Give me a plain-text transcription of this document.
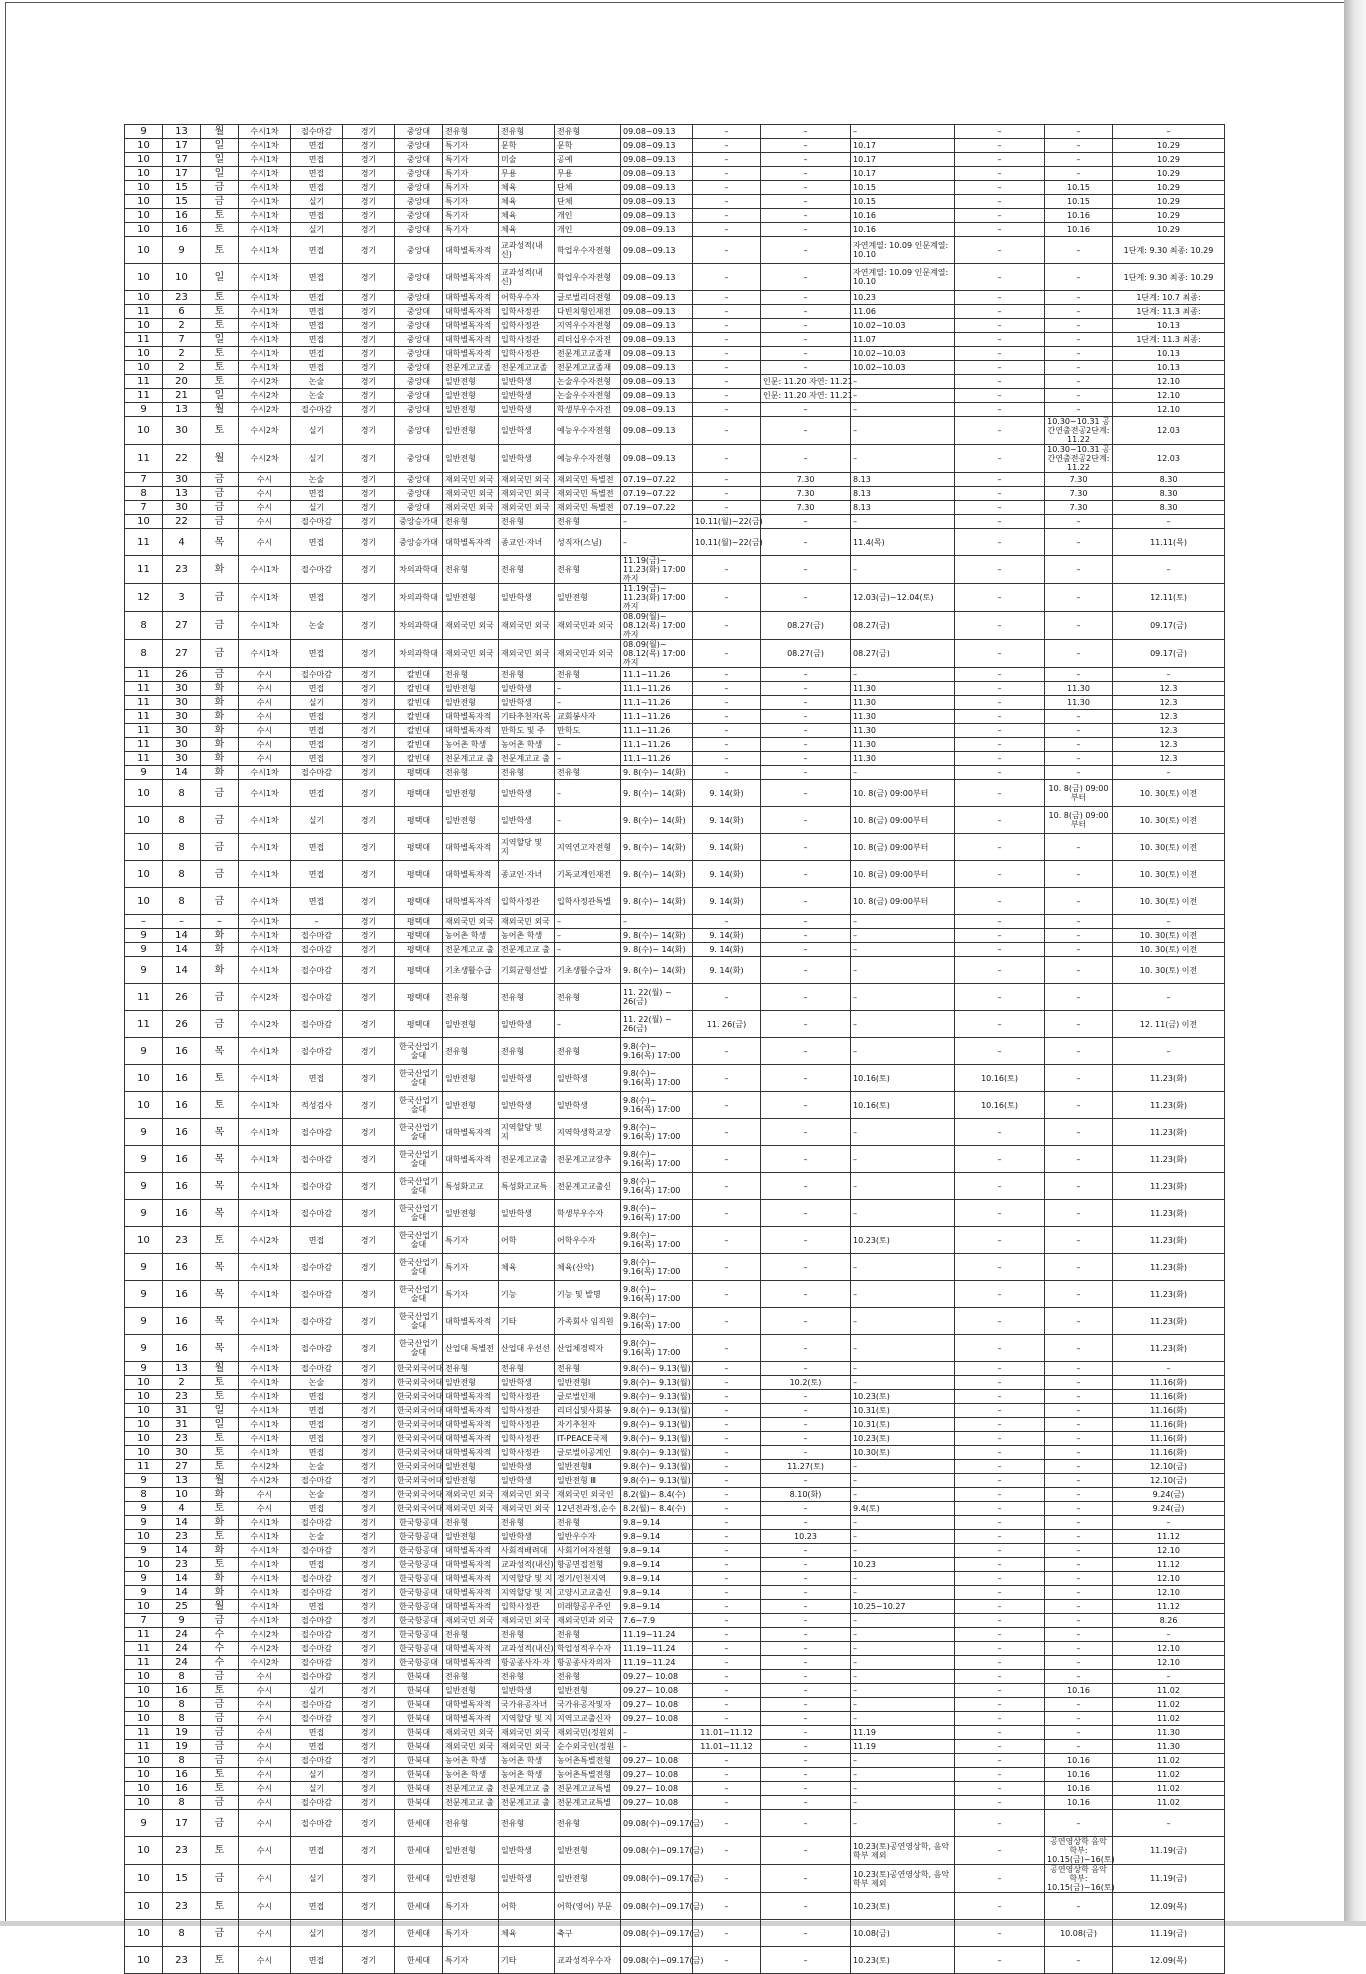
9	13	월	수시1차	접수마감	경기	중앙대	전유형	전유형	전유형	09.08~09.13	–	–	–	–	–	–
10	17	일	수시1차	면접	경기	중앙대	특기자	문학	문학	09.08~09.13	–	–	10.17	–	–	10.29
10	17	일	수시1차	면접	경기	중앙대	특기자	미술	공예	09.08~09.13	–	–	10.17	–	–	10.29
10	17	일	수시1차	면접	경기	중앙대	특기자	무용	무용	09.08~09.13	–	–	10.17	–	–	10.29
10	15	금	수시1차	면접	경기	중앙대	특기자	체육	단체	09.08~09.13	–	–	10.15	–	10.15	10.29
10	15	금	수시1차	실기	경기	중앙대	특기자	체육	단체	09.08~09.13	–	–	10.15	–	10.15	10.29
10	16	토	수시1차	면접	경기	중앙대	특기자	체육	개인	09.08~09.13	–	–	10.16	–	10.16	10.29
10	16	토	수시1차	실기	경기	중앙대	특기자	체육	개인	09.08~09.13	–	–	10.16	–	10.16	10.29
10	9	토	수시1차	면접	경기	중앙대	대학별독자적	교과성적(내신)	학업우수자전형	09.08~09.13	–	–	자연계열: 10.09 인문계열: 10.10	–	–	1단계: 9.30 최종: 10.29
10	10	일	수시1차	면접	경기	중앙대	대학별독자적	교과성적(내신)	학업우수자전형	09.08~09.13	–	–	자연계열: 10.09 인문계열: 10.10	–	–	1단계: 9.30 최종: 10.29
10	23	토	수시1차	면접	경기	중앙대	대학별독자적	어학우수자	글로벌리더전형	09.08~09.13	–	–	10.23	–	–	1단계: 10.7 최종:
11	6	토	수시1차	면접	경기	중앙대	대학별독자적	입학사정관	다빈치형인재전	09.08~09.13	–	–	11.06	–	–	1단계: 11.3 최종:
10	2	토	수시1차	면접	경기	중앙대	대학별독자적	입학사정관	지역우수자전형	09.08~09.13	–	–	10.02~10.03	–	–	10.13
11	7	일	수시1차	면접	경기	중앙대	대학별독자적	입학사정관	리더십우수자전	09.08~09.13	–	–	11.07	–	–	1단계: 11.3 최종:
10	2	토	수시1차	면접	경기	중앙대	대학별독자적	입학사정관	전문계고교졸재	09.08~09.13	–	–	10.02~10.03	–	–	10.13
10	2	토	수시1차	면접	경기	중앙대	전문계고교졸	전문계고교졸	전문계고교졸재	09.08~09.13	–	–	10.02~10.03	–	–	10.13
11	20	토	수시2차	논술	경기	중앙대	일반전형	일반학생	논술우수자전형	09.08~09.13	–	인문: 11.20 자연: 11.21	–	–	–	12.10
11	21	일	수시2차	논술	경기	중앙대	일반전형	일반학생	논술우수자전형	09.08~09.13	–	인문: 11.20 자연: 11.21	–	–	–	12.10
9	13	월	수시2차	접수마감	경기	중앙대	일반전형	일반학생	학생부우수자전	09.08~09.13	–	–	–	–	–	12.10
10	30	토	수시2차	실기	경기	중앙대	일반전형	일반학생	예능우수자전형	09.08~09.13	–	–	–	–	10.30~10.31 공간연출전공2단계: 11.22	12.03
11	22	월	수시2차	실기	경기	중앙대	일반전형	일반학생	예능우수자전형	09.08~09.13	–	–	–	–	10.30~10.31 공간연출전공2단계: 11.22	12.03
7	30	금	수시	논술	경기	중앙대	재외국민 외국	재외국민 외국	재외국민 특별전	07.19~07.22	–	7.30	8.13	–	7.30	8.30
8	13	금	수시	면접	경기	중앙대	재외국민 외국	재외국민 외국	재외국민 특별전	07.19~07.22	–	7.30	8.13	–	7.30	8.30
7	30	금	수시	실기	경기	중앙대	재외국민 외국	재외국민 외국	재외국민 특별전	07.19~07.22	–	7.30	8.13	–	7.30	8.30
10	22	금	수시	접수마감	경기	중앙승가대	전유형	전유형	전유형	–	10.11(월)~22(금)	–	–	–	–	–
11	4	목	수시	면접	경기	중앙승가대	대학별독자적	종교인·자녀	성직자(스님)	–	10.11(월)~22(금)	–	11.4(목)	–	–	11.11(목)
11	23	화	수시1차	접수마감	경기	차의과학대	전유형	전유형	전유형	11.19(금)~ 11.23(화) 17:00 까지	–	–	–	–	–	–
12	3	금	수시1차	면접	경기	차의과학대	일반전형	일반학생	일반전형	11.19(금)~ 11.23(화) 17:00 까지	–	–	12.03(금)~12.04(토)	–	–	12.11(토)
8	27	금	수시1차	논술	경기	차의과학대	재외국민 외국	재외국민 외국	재외국민과 외국	08.09(월)~ 08.12(목) 17:00 까지	–	08.27(금)	08.27(금)	–	–	09.17(금)
8	27	금	수시1차	면접	경기	차의과학대	재외국민 외국	재외국민 외국	재외국민과 외국	08.09(월)~ 08.12(목) 17:00 까지	–	08.27(금)	08.27(금)	–	–	09.17(금)
11	26	금	수시	접수마감	경기	칼빈대	전유형	전유형	전유형	11.1~11.26	–	–	–	–	–	–
11	30	화	수시	면접	경기	칼빈대	일반전형	일반학생	–	11.1~11.26	–	–	11.30	–	11.30	12.3
11	30	화	수시	실기	경기	칼빈대	일반전형	일반학생	–	11.1~11.26	–	–	11.30	–	11.30	12.3
11	30	화	수시	면접	경기	칼빈대	대학별독자적	기타추천자(목	교회봉사자	11.1~11.26	–	–	11.30	–	–	12.3
11	30	화	수시	면접	경기	칼빈대	대학별독자적	만학도 및 주	만학도	11.1~11.26	–	–	11.30	–	–	12.3
11	30	화	수시	면접	경기	칼빈대	농어촌 학생	농어촌 학생	–	11.1~11.26	–	–	11.30	–	–	12.3
11	30	화	수시	면접	경기	칼빈대	전문계고교 출	전문계고교 출	–	11.1~11.26	–	–	11.30	–	–	12.3
9	14	화	수시1차	접수마감	경기	평택대	전유형	전유형	전유형	9. 8(수)~ 14(화)	–	–	–	–	–	–
10	8	금	수시1차	면접	경기	평택대	일반전형	일반학생	–	9. 8(수)~ 14(화)	9. 14(화)	–	10. 8(금) 09:00부터	–	10. 8(금) 09:00부터	10. 30(토) 이전
10	8	금	수시1차	실기	경기	평택대	일반전형	일반학생	–	9. 8(수)~ 14(화)	9. 14(화)	–	10. 8(금) 09:00부터	–	10. 8(금) 09:00부터	10. 30(토) 이전
10	8	금	수시1차	면접	경기	평택대	대학별독자적	지역할당 및 지	지역연고자전형	9. 8(수)~ 14(화)	9. 14(화)	–	10. 8(금) 09:00부터	–	–	10. 30(토) 이전
10	8	금	수시1차	면접	경기	평택대	대학별독자적	종교인·자녀	기독교계인재전	9. 8(수)~ 14(화)	9. 14(화)	–	10. 8(금) 09:00부터	–	–	10. 30(토) 이전
10	8	금	수시1차	면접	경기	평택대	대학별독자적	입학사정관	입학사정관특별	9. 8(수)~ 14(화)	9. 14(화)	–	10. 8(금) 09:00부터	–	–	10. 30(토) 이전
–	–	–	수시1차	–	경기	평택대	재외국민 외국	재외국민 외국	–	–	–	–	–	–	–	–
9	14	화	수시1차	접수마감	경기	평택대	농어촌 학생	농어촌 학생	–	9. 8(수)~ 14(화)	9. 14(화)	–	–	–	–	10. 30(토) 이전
9	14	화	수시1차	접수마감	경기	평택대	전문계고교 출	전문계고교 출	–	9. 8(수)~ 14(화)	9. 14(화)	–	–	–	–	10. 30(토) 이전
9	14	화	수시1차	접수마감	경기	평택대	기초생활수급	기회균형선발	기초생활수급자	9. 8(수)~ 14(화)	9. 14(화)	–	–	–	–	10. 30(토) 이전
11	26	금	수시2차	접수마감	경기	평택대	전유형	전유형	전유형	11. 22(월) ~ 26(금)	–	–	–	–	–	–
11	26	금	수시2차	접수마감	경기	평택대	일반전형	일반학생	–	11. 22(월) ~ 26(금)	11. 26(금)	–	–	–	–	12. 11(금) 이전
9	16	목	수시1차	접수마감	경기	한국산업기술대	전유형	전유형	전유형	9.8(수)~ 9.16(목) 17:00	–	–	–	–	–	–
10	16	토	수시1차	면접	경기	한국산업기술대	일반전형	일반학생	일반학생	9.8(수)~ 9.16(목) 17:00	–	–	10.16(토)	10.16(토)	–	11.23(화)
10	16	토	수시1차	적성검사	경기	한국산업기술대	일반전형	일반학생	일반학생	9.8(수)~ 9.16(목) 17:00	–	–	10.16(토)	10.16(토)	–	11.23(화)
9	16	목	수시1차	접수마감	경기	한국산업기술대	대학별독자적	지역할당 및 지	지역학생학교장	9.8(수)~ 9.16(목) 17:00	–	–	–	–	–	11.23(화)
9	16	목	수시1차	접수마감	경기	한국산업기술대	대학별독자적	전문계고교출	전문계고교장추	9.8(수)~ 9.16(목) 17:00	–	–	–	–	–	11.23(화)
9	16	목	수시1차	접수마감	경기	한국산업기술대	특성화고교	특성화고교특	전문계고교출신	9.8(수)~ 9.16(목) 17:00	–	–	–	–	–	11.23(화)
9	16	목	수시1차	접수마감	경기	한국산업기술대	일반전형	일반학생	학생부우수자	9.8(수)~ 9.16(목) 17:00	–	–	–	–	–	11.23(화)
10	23	토	수시2차	면접	경기	한국산업기술대	특기자	어학	어학우수자	9.8(수)~ 9.16(목) 17:00	–	–	10.23(토)	–	–	11.23(화)
9	16	목	수시1차	접수마감	경기	한국산업기술대	특기자	체육	체육(산악)	9.8(수)~ 9.16(목) 17:00	–	–	–	–	–	11.23(화)
9	16	목	수시1차	접수마감	경기	한국산업기술대	특기자	기능	기능 및 발명	9.8(수)~ 9.16(목) 17:00	–	–	–	–	–	11.23(화)
9	16	목	수시1차	접수마감	경기	한국산업기술대	대학별독자적	기타	가족회사 임직원	9.8(수)~ 9.16(목) 17:00	–	–	–	–	–	11.23(화)
9	16	목	수시1차	접수마감	경기	한국산업기술대	산업대 특별전	산업대 우선선	산업체경력자	9.8(수)~ 9.16(목) 17:00	–	–	–	–	–	11.23(화)
9	13	월	수시1차	접수마감	경기	한국외국어대	전유형	전유형	전유형	9.8(수)~ 9.13(월)	–	–	–	–	–	–
10	2	토	수시1차	논술	경기	한국외국어대	일반전형	일반학생	일반전형Ⅰ	9.8(수)~ 9.13(월)	–	10.2(토)	–	–	–	11.16(화)
10	23	토	수시1차	면접	경기	한국외국어대	대학별독자적	입학사정관	글로벌인재	9.8(수)~ 9.13(월)	–	–	10.23(토)	–	–	11.16(화)
10	31	일	수시1차	면접	경기	한국외국어대	대학별독자적	입학사정관	리더십및사회봉	9.8(수)~ 9.13(월)	–	–	10.31(토)	–	–	11.16(화)
10	31	일	수시1차	면접	경기	한국외국어대	대학별독자적	입학사정관	자기추천자	9.8(수)~ 9.13(월)	–	–	10.31(토)	–	–	11.16(화)
10	23	토	수시1차	면접	경기	한국외국어대	대학별독자적	입학사정관	IT-PEACE국제	9.8(수)~ 9.13(월)	–	–	10.23(토)	–	–	11.16(화)
10	30	토	수시1차	면접	경기	한국외국어대	대학별독자적	입학사정관	글로벌이공계인	9.8(수)~ 9.13(월)	–	–	10.30(토)	–	–	11.16(화)
11	27	토	수시2차	논술	경기	한국외국어대	일반전형	일반학생	일반전형Ⅱ	9.8(수)~ 9.13(월)	–	11.27(토)	–	–	–	12.10(금)
9	13	월	수시2차	접수마감	경기	한국외국어대	일반전형	일반학생	일반전형 Ⅲ	9.8(수)~ 9.13(월)	–	–	–	–	–	12.10(금)
8	10	화	수시	논술	경기	한국외국어대	재외국민 외국	재외국민 외국	재외국민 외국인	8.2(월)~ 8.4(수)	–	8.10(화)	–	–	–	9.24(금)
9	4	토	수시	면접	경기	한국외국어대	재외국민 외국	재외국민 외국	12년전과정,순수	8.2(월)~ 8.4(수)	–	–	9.4(토)	–	–	9.24(금)
9	14	화	수시1차	접수마감	경기	한국항공대	전유형	전유형	전유형	9.8~9.14	–	–	–	–	–	–
10	23	토	수시1차	논술	경기	한국항공대	일반전형	일반학생	일반우수자	9.8~9.14	–	10.23	–	–	–	11.12
9	14	화	수시1차	접수마감	경기	한국항공대	대학별독자적	사회적배려대	사회기여자전형	9.8~9.14	–	–	–	–	–	12.10
10	23	토	수시1차	면접	경기	한국항공대	대학별독자적	교과성적(내신)	항공면접전형	9.8~9.14	–	–	10.23	–	–	11.12
9	14	화	수시1차	접수마감	경기	한국항공대	대학별독자적	지역할당 및 지	경기/인천지역	9.8~9.14	–	–	–	–	–	12.10
9	14	화	수시1차	접수마감	경기	한국항공대	대학별독자적	지역할당 및 지	고양시고교출신	9.8~9.14	–	–	–	–	–	12.10
10	25	월	수시1차	면접	경기	한국항공대	대학별독자적	입학사정관	미래항공우주인	9.8~9.14	–	–	10.25~10.27	–	–	11.12
7	9	금	수시1차	접수마감	경기	한국항공대	재외국민 외국	재외국민 외국	재외국민과 외국	7.6~7.9	–	–	–	–	–	8.26
11	24	수	수시2차	접수마감	경기	한국항공대	전유형	전유형	전유형	11.19~11.24	–	–	–	–	–	–
11	24	수	수시2차	접수마감	경기	한국항공대	대학별독자적	교과성적(내신)	학업성적우수자	11.19~11.24	–	–	–	–	–	12.10
11	24	수	수시2차	접수마감	경기	한국항공대	대학별독자적	항공종사자·자	항공종사자의자	11.19~11.24	–	–	–	–	–	12.10
10	8	금	수시	접수마감	경기	한북대	전유형	전유형	전유형	09.27~ 10.08	–	–	–	–	–	–
10	16	토	수시	실기	경기	한북대	일반전형	일반학생	일반전형	09.27~ 10.08	–	–	–	–	10.16	11.02
10	8	금	수시	접수마감	경기	한북대	대학별독자적	국가유공자녀	국가유공자및자	09.27~ 10.08	–	–	–	–	–	11.02
10	8	금	수시	접수마감	경기	한북대	대학별독자적	지역할당 및 지	지역고교출신자	09.27~ 10.08	–	–	–	–	–	11.02
11	19	금	수시	면접	경기	한북대	재외국민 외국	재외국민 외국	재외국민(정원외	–	11.01~11.12	–	11.19	–	–	11.30
11	19	금	수시	면접	경기	한북대	재외국민 외국	재외국민 외국	순수외국인(정원	–	11.01~11.12	–	11.19	–	–	11.30
10	8	금	수시	접수마감	경기	한북대	농어촌 학생	농어촌 학생	농어촌특별전형	09.27~ 10.08	–	–	–	–	10.16	11.02
10	16	토	수시	실기	경기	한북대	농어촌 학생	농어촌 학생	농어촌특별전형	09.27~ 10.08	–	–	–	–	10.16	11.02
10	16	토	수시	실기	경기	한북대	전문계고교 출	전문계고교 출	전문계고교특별	09.27~ 10.08	–	–	–	–	10.16	11.02
10	8	금	수시	접수마감	경기	한북대	전문계고교 출	전문계고교 출	전문계고교특별	09.27~ 10.08	–	–	–	–	10.16	11.02
9	17	금	수시	접수마감	경기	한세대	전유형	전유형	전유형	09.08(수)~09.17(금)	–	–	–	–	–	–
10	23	토	수시	면접	경기	한세대	일반전형	일반학생	일반전형	09.08(수)~09.17(금)	–	–	10.23(토)공연영상학, 음악학부 제외	–	공연영상학 음악학부: 10.15(금)~16(토)	11.19(금)
10	15	금	수시	실기	경기	한세대	일반전형	일반학생	일반전형	09.08(수)~09.17(금)	–	–	10.23(토)공연영상학, 음악학부 제외	–	공연영상학 음악학부: 10.15(금)~16(토)	11.19(금)
10	23	토	수시	면접	경기	한세대	특기자	어학	어학(영어) 부문	09.08(수)~09.17(금)	–	–	10.23(토)	–	–	12.09(목)
10	8	금	수시	실기	경기	한세대	특기자	체육	축구	09.08(수)~09.17(금)	–	–	10.08(금)	–	10.08(금)	11.19(금)
10	23	토	수시	면접	경기	한세대	특기자	기타	교과성적우수자	09.08(수)~09.17(금)	–	–	10.23(토)	–	–	12.09(목)
